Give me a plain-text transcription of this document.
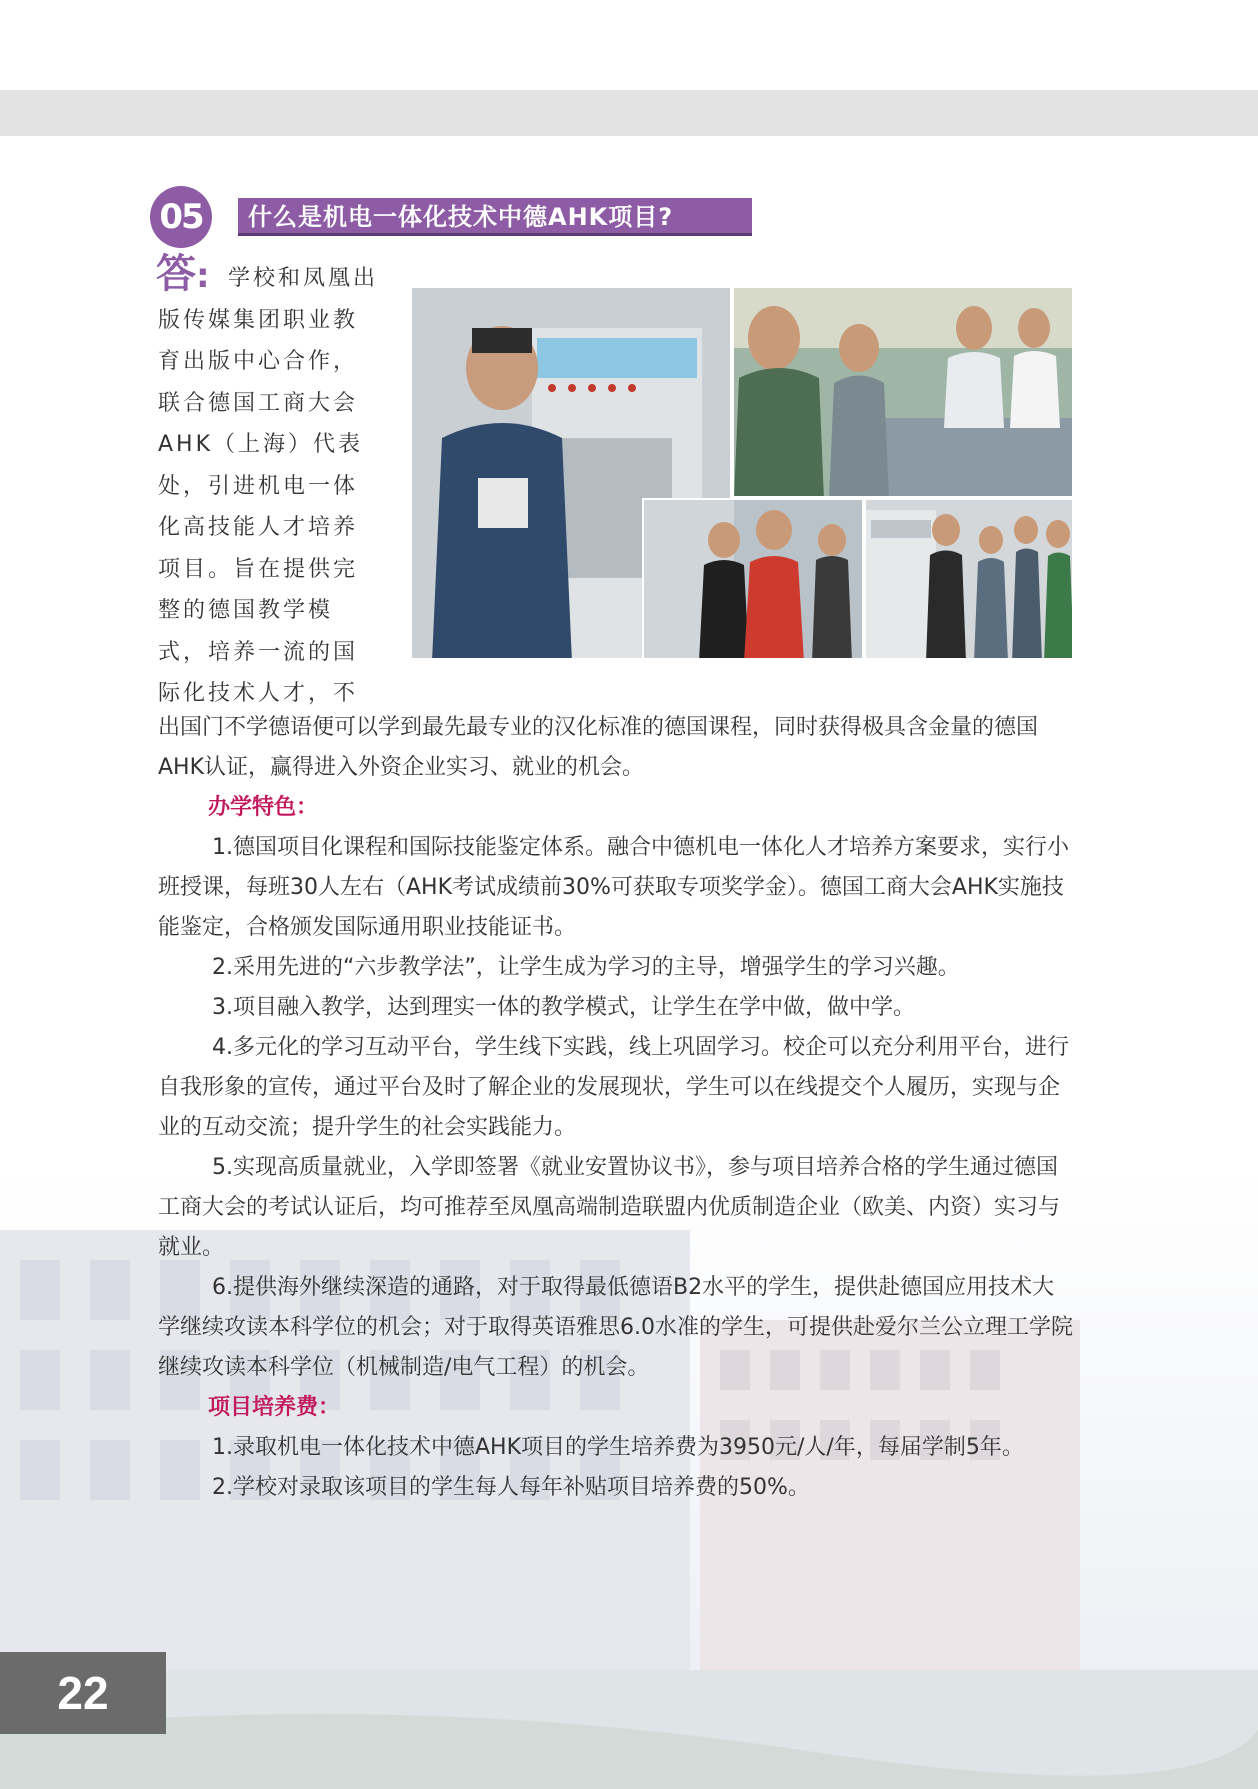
05	什么是机电一体化技术中德AHK项目?
答: 学校和凤凰出
版传媒集团职业教
育出版中心合作，
联合德国工商大会
AHK（上海）代表
处，引进机电一体
化高技能人才培养
项目。旨在提供完
整的德国教学模
式，培养一流的国
际化技术人才，不
出国门不学德语便可以学到最先最专业的汉化标准的德国课程，同时获得极具含金量的德国AHK认证，赢得进入外资企业实习、就业的机会。
办学特色：
1.德国项目化课程和国际技能鉴定体系。融合中德机电一体化人才培养方案要求，实行小班授课，每班30人左右（AHK考试成绩前30%可获取专项奖学金）。德国工商大会AHK实施技能鉴定，合格颁发国际通用职业技能证书。
2.采用先进的“六步教学法”，让学生成为学习的主导，增强学生的学习兴趣。
3.项目融入教学，达到理实一体的教学模式，让学生在学中做，做中学。
4.多元化的学习互动平台，学生线下实践，线上巩固学习。校企可以充分利用平台，进行自我形象的宣传，通过平台及时了解企业的发展现状，学生可以在线提交个人履历，实现与企业的互动交流；提升学生的社会实践能力。
5.实现高质量就业，入学即签署《就业安置协议书》，参与项目培养合格的学生通过德国工商大会的考试认证后，均可推荐至凤凰高端制造联盟内优质制造企业（欧美、内资）实习与就业。
6.提供海外继续深造的通路，对于取得最低德语B2水平的学生，提供赴德国应用技术大学继续攻读本科学位的机会；对于取得英语雅思6.0水准的学生，可提供赴爱尔兰公立理工学院继续攻读本科学位（机械制造/电气工程）的机会。
项目培养费：
1.录取机电一体化技术中德AHK项目的学生培养费为3950元/人/年，每届学制5年。
2.学校对录取该项目的学生每人每年补贴项目培养费的50%。
22
